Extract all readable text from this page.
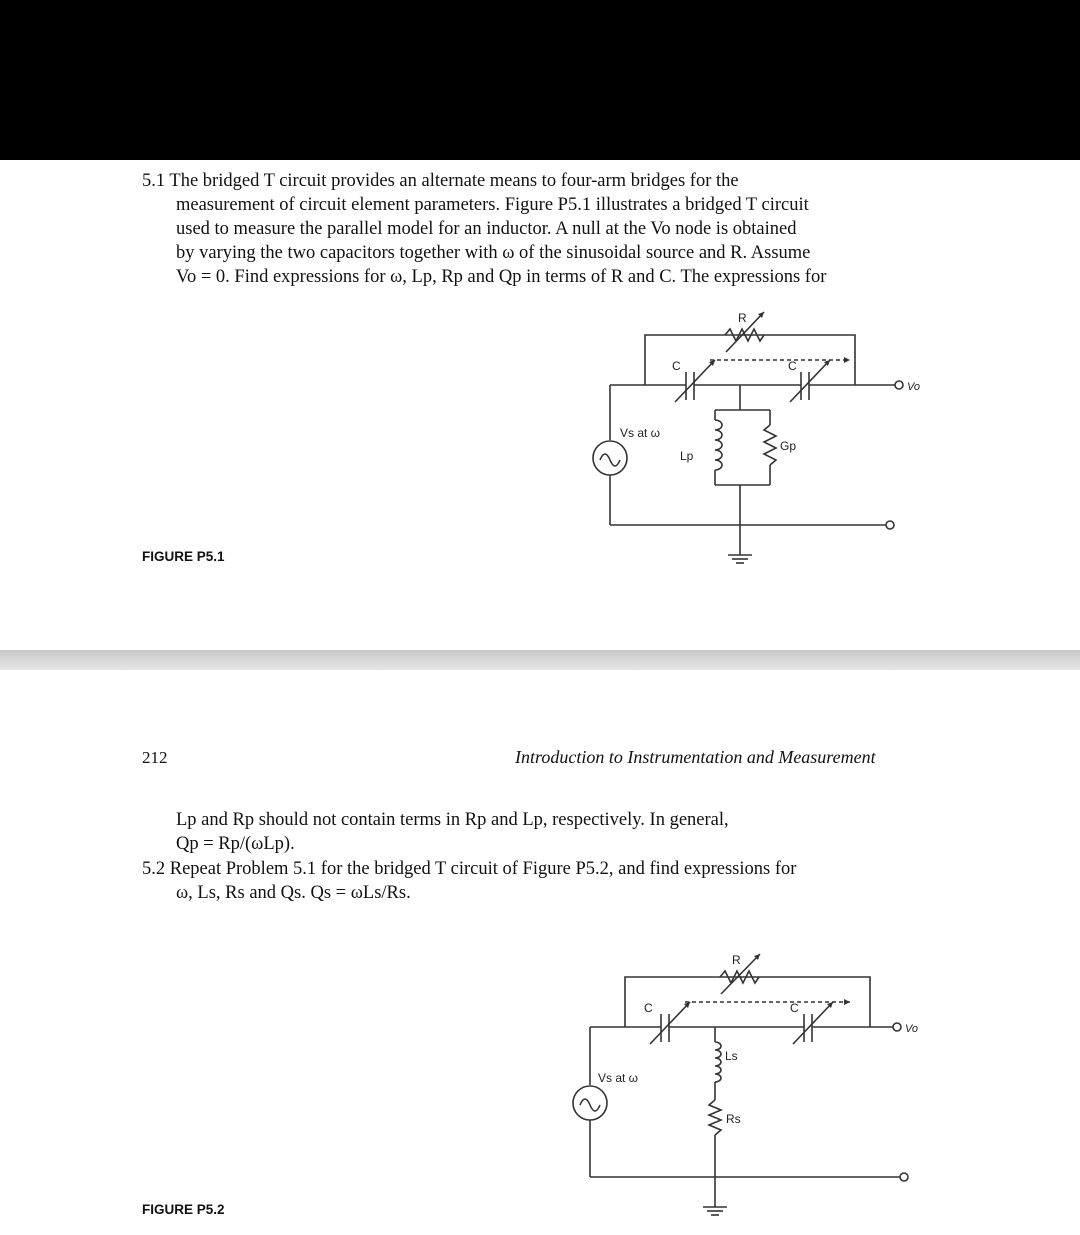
5.1 The bridged T circuit provides an alternate means to four-arm bridges for the
measurement of circuit element parameters. Figure P5.1 illustrates a bridged T circuit
used to measure the parallel model for an inductor. A null at the Vo node is obtained
by varying the two capacitors together with ω of the sinusoidal source and R. Assume
Vo = 0. Find expressions for ω, Lp, Rp and Qp in terms of R and C. The expressions for
R
C	C
Vo
Vs at ω
Lp
Gp
FIGURE P5.1
212	Introduction to Instrumentation and Measurement
Lp and Rp should not contain terms in Rp and Lp, respectively. In general,
Qp = Rp/(ωLp).
5.2 Repeat Problem 5.1 for the bridged T circuit of Figure P5.2, and find expressions for
ω, Ls, Rs and Qs. Qs = ωLs/Rs.
R
C	C
Vo
Vs at ω
Ls
Rs
FIGURE P5.2
